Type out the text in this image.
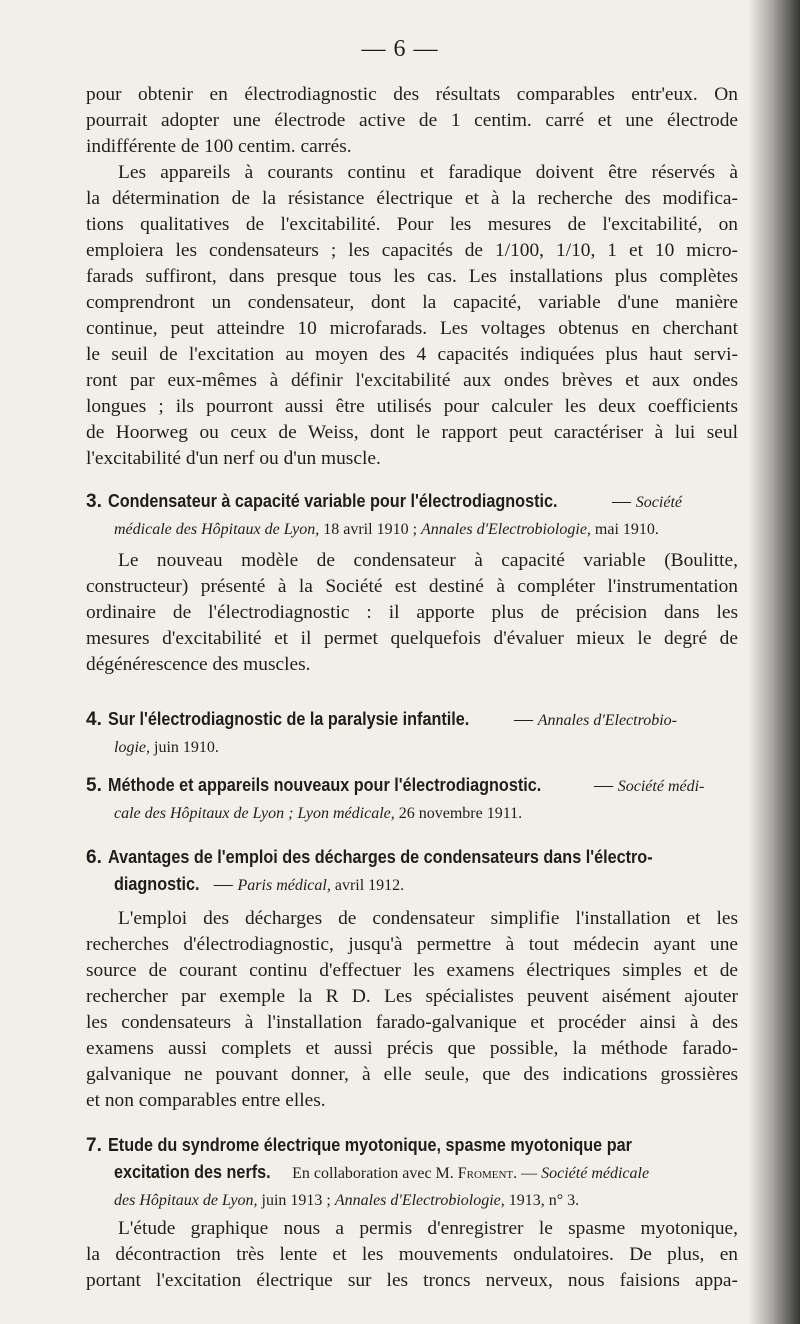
— 6 —

pour obtenir en électrodiagnostic des résultats comparables entr'eux. On
pourrait adopter une électrode active de 1 centim. carré et une électrode
indifférente de 100 centim. carrés.

Les appareils à courants continu et faradique doivent être réservés à
la détermination de la résistance électrique et à la recherche des modifica-
tions qualitatives de l'excitabilité. Pour les mesures de l'excitabilité, on
emploiera les condensateurs ; les capacités de 1/100, 1/10, 1 et 10 micro-
farads suffiront, dans presque tous les cas. Les installations plus complètes
comprendront un condensateur, dont la capacité, variable d'une manière
continue, peut atteindre 10 microfarads. Les voltages obtenus en cherchant
le seuil de l'excitation au moyen des 4 capacités indiquées plus haut servi-
ront par eux-mêmes à définir l'excitabilité aux ondes brèves et aux ondes
longues ; ils pourront aussi être utilisés pour calculer les deux coefficients
de Hoorweg ou ceux de Weiss, dont le rapport peut caractériser à lui seul
l'excitabilité d'un nerf ou d'un muscle.

3. Condensateur à capacité variable pour l'électrodiagnostic.	— Société

médicale des Hôpitaux de Lyon, 18 avril 1910 ; Annales d'Electrobiologie, mai 1910.

Le nouveau modèle de condensateur à capacité variable (Boulitte,
constructeur) présenté à la Société est destiné à compléter l'instrumentation
ordinaire de l'électrodiagnostic : il apporte plus de précision dans les
mesures d'excitabilité et il permet quelquefois d'évaluer mieux le degré de
dégénérescence des muscles.

4. Sur l'électrodiagnostic de la paralysie infantile. — Annales d'Electrobio-

logie, juin 1910.

5. Méthode et appareils nouveaux pour l'électrodiagnostic.	— Société médi-

cale des Hôpitaux de Lyon ; Lyon médicale, 26 novembre 1911.

6. Avantages de l'emploi des décharges de condensateurs dans l'électro-

diagnostic. — Paris médical, avril 1912.

L'emploi des décharges de condensateur simplifie l'installation et les
recherches d'électrodiagnostic, jusqu'à permettre à tout médecin ayant une
source de courant continu d'effectuer les examens électriques simples et de
rechercher par exemple la R D. Les spécialistes peuvent aisément ajouter
les condensateurs à l'installation farado-galvanique et procéder ainsi à des
examens aussi complets et aussi précis que possible, la méthode farado-
galvanique ne pouvant donner, à elle seule, que des indications grossières
et non comparables entre elles.

7. Etude du syndrome électrique myotonique, spasme myotonique par

excitation des nerfs. En collaboration avec M. Froment. — Société médicale

des Hôpitaux de Lyon, juin 1913 ; Annales d'Electrobiologie, 1913, n° 3.

L'étude graphique nous a permis d'enregistrer le spasme myotonique,
la décontraction très lente et les mouvements ondulatoires. De plus, en
portant l'excitation électrique sur les troncs nerveux, nous faisions appa-
